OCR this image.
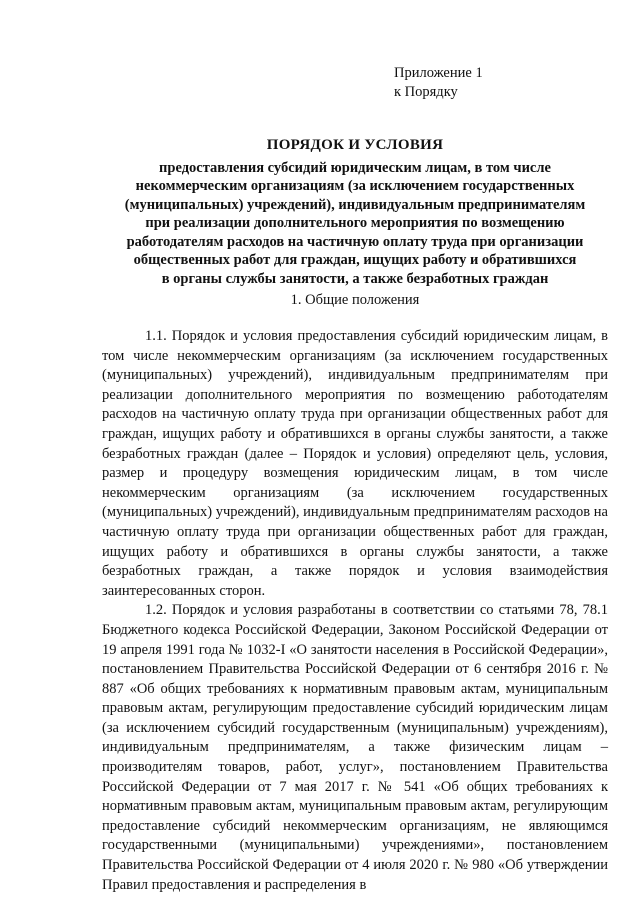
Приложение 1
к Порядку
ПОРЯДОК И УСЛОВИЯ
предоставления субсидий юридическим лицам, в том числе
некоммерческим организациям (за исключением государственных
(муниципальных) учреждений), индивидуальным предпринимателям
при реализации дополнительного мероприятия по возмещению
работодателям расходов на частичную оплату труда при организации
общественных работ для граждан, ищущих работу и обратившихся
в органы службы занятости, а также безработных граждан
1. Общие положения

1.1. Порядок и условия предоставления субсидий юридическим лицам, в том числе некоммерческим организациям (за исключением государственных (муниципальных) учреждений), индивидуальным предпринимателям при реализации дополнительного мероприятия по возмещению работодателям расходов на частичную оплату труда при организации общественных работ для граждан, ищущих работу и обратившихся в органы службы занятости, а также безработных граждан (далее – Порядок и условия) определяют цель, условия, размер и процедуру возмещения юридическим лицам, в том числе некоммерческим организациям (за исключением государственных (муниципальных) учреждений), индивидуальным предпринимателям расходов на частичную оплату труда при организации общественных работ для граждан, ищущих работу и обратившихся в органы службы занятости, а также безработных граждан, а также порядок и условия взаимодействия заинтересованных сторон.

1.2. Порядок и условия разработаны в соответствии со статьями 78, 78.1 Бюджетного кодекса Российской Федерации, Законом Российской Федерации от 19 апреля 1991 года № 1032-I «О занятости населения в Российской Федерации», постановлением Правительства Российской Федерации от 6 сентября 2016 г. № 887 «Об общих требованиях к нормативным правовым актам, муниципальным правовым актам, регулирующим предоставление субсидий юридическим лицам (за исключением субсидий государственным (муниципальным) учреждениям), индивидуальным предпринимателям, а также физическим лицам – производителям товаров, работ, услуг», постановлением Правительства Российской Федерации от 7 мая 2017 г. № 541 «Об общих требованиях к нормативным правовым актам, муниципальным правовым актам, регулирующим предоставление субсидий некоммерческим организациям, не являющимся государственными (муниципальными) учреждениями», постановлением Правительства Российской Федерации от 4 июля 2020 г. № 980 «Об утверждении Правил предоставления и распределения в
